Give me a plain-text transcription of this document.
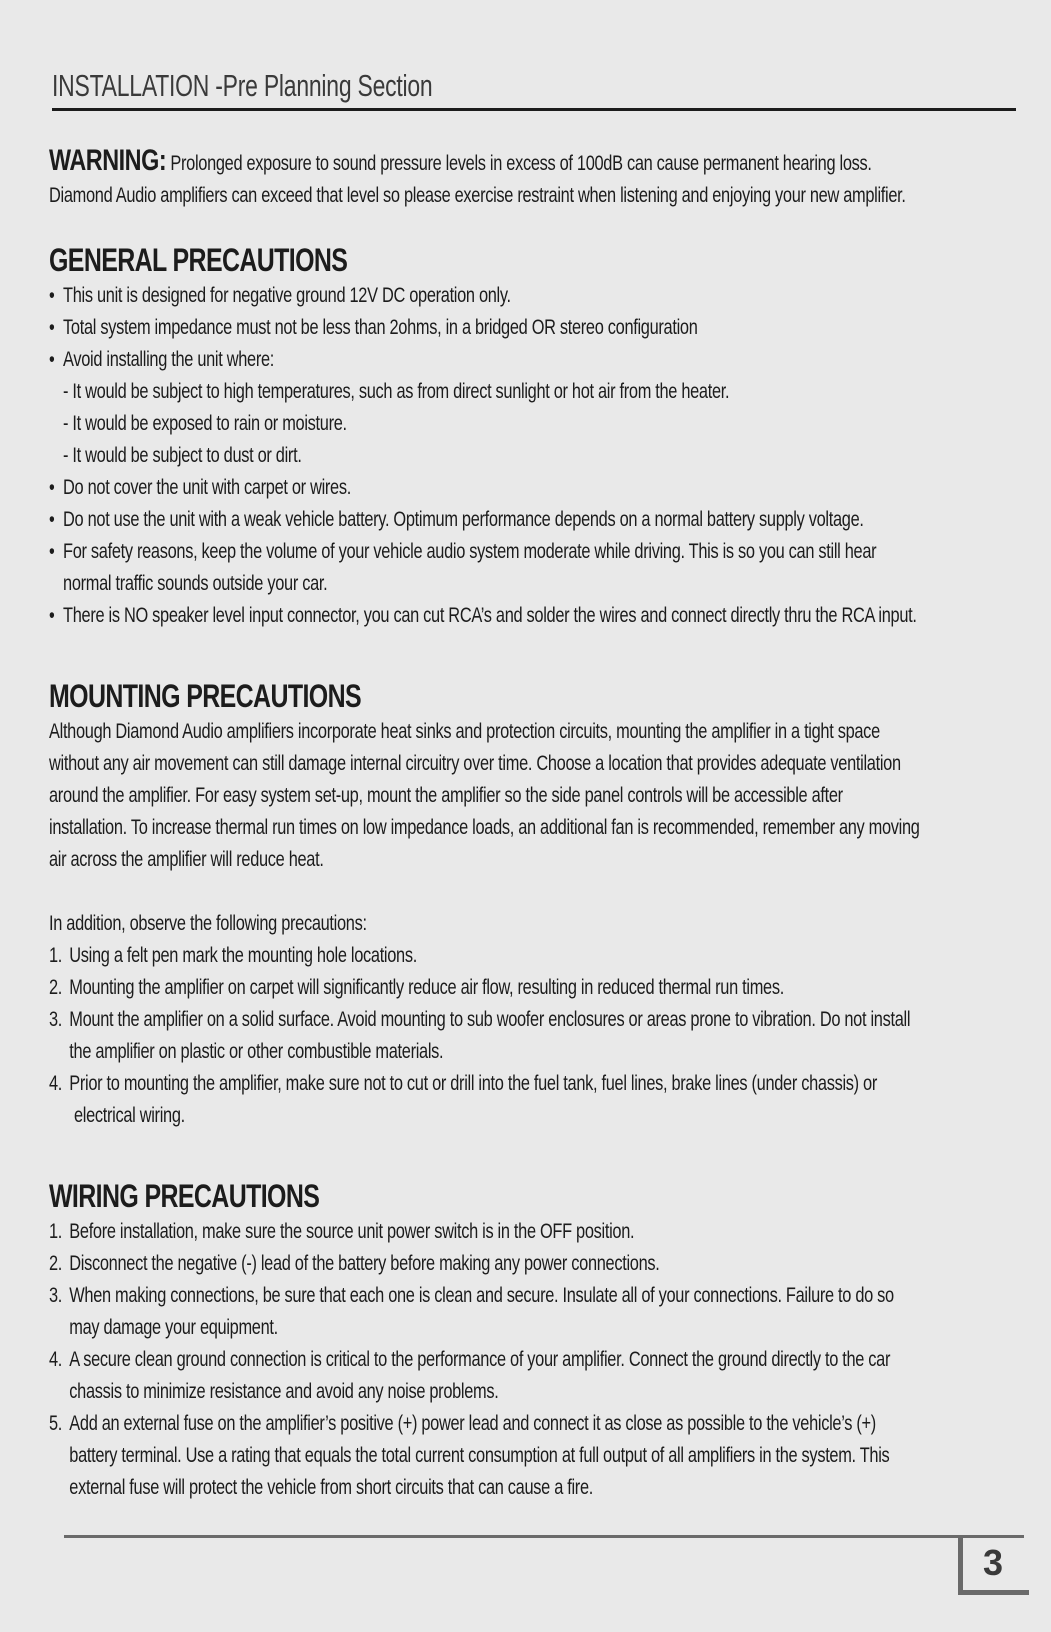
INSTALLATION -Pre Planning Section
WARNING: Prolonged exposure to sound pressure levels in excess of 100dB can cause permanent hearing loss.
Diamond Audio amplifiers can exceed that level so please exercise restraint when listening and enjoying your new amplifier.
GENERAL PRECAUTIONS
• This unit is designed for negative ground 12V DC operation only.
• Total system impedance must not be less than 2ohms, in a bridged OR stereo configuration
• Avoid installing the unit where:
- It would be subject to high temperatures, such as from direct sunlight or hot air from the heater.
- It would be exposed to rain or moisture.
- It would be subject to dust or dirt.
• Do not cover the unit with carpet or wires.
• Do not use the unit with a weak vehicle battery. Optimum performance depends on a normal battery supply voltage.
• For safety reasons, keep the volume of your vehicle audio system moderate while driving. This is so you can still hear
normal traffic sounds outside your car.
• There is NO speaker level input connector, you can cut RCA’s and solder the wires and connect directly thru the RCA input.
MOUNTING PRECAUTIONS
Although Diamond Audio amplifiers incorporate heat sinks and protection circuits, mounting the amplifier in a tight space
without any air movement can still damage internal circuitry over time. Choose a location that provides adequate ventilation
around the amplifier. For easy system set-up, mount the amplifier so the side panel controls will be accessible after
installation. To increase thermal run times on low impedance loads, an additional fan is recommended, remember any moving
air across the amplifier will reduce heat.
In addition, observe the following precautions:
1. Using a felt pen mark the mounting hole locations.
2. Mounting the amplifier on carpet will significantly reduce air flow, resulting in reduced thermal run times.
3. Mount the amplifier on a solid surface. Avoid mounting to sub woofer enclosures or areas prone to vibration. Do not install
the amplifier on plastic or other combustible materials.
4. Prior to mounting the amplifier, make sure not to cut or drill into the fuel tank, fuel lines, brake lines (under chassis) or
electrical wiring.
WIRING PRECAUTIONS
1. Before installation, make sure the source unit power switch is in the OFF position.
2. Disconnect the negative (-) lead of the battery before making any power connections.
3. When making connections, be sure that each one is clean and secure. Insulate all of your connections. Failure to do so
may damage your equipment.
4. A secure clean ground connection is critical to the performance of your amplifier. Connect the ground directly to the car
chassis to minimize resistance and avoid any noise problems.
5. Add an external fuse on the amplifier’s positive (+) power lead and connect it as close as possible to the vehicle’s (+)
battery terminal. Use a rating that equals the total current consumption at full output of all amplifiers in the system. This
external fuse will protect the vehicle from short circuits that can cause a fire.
3
